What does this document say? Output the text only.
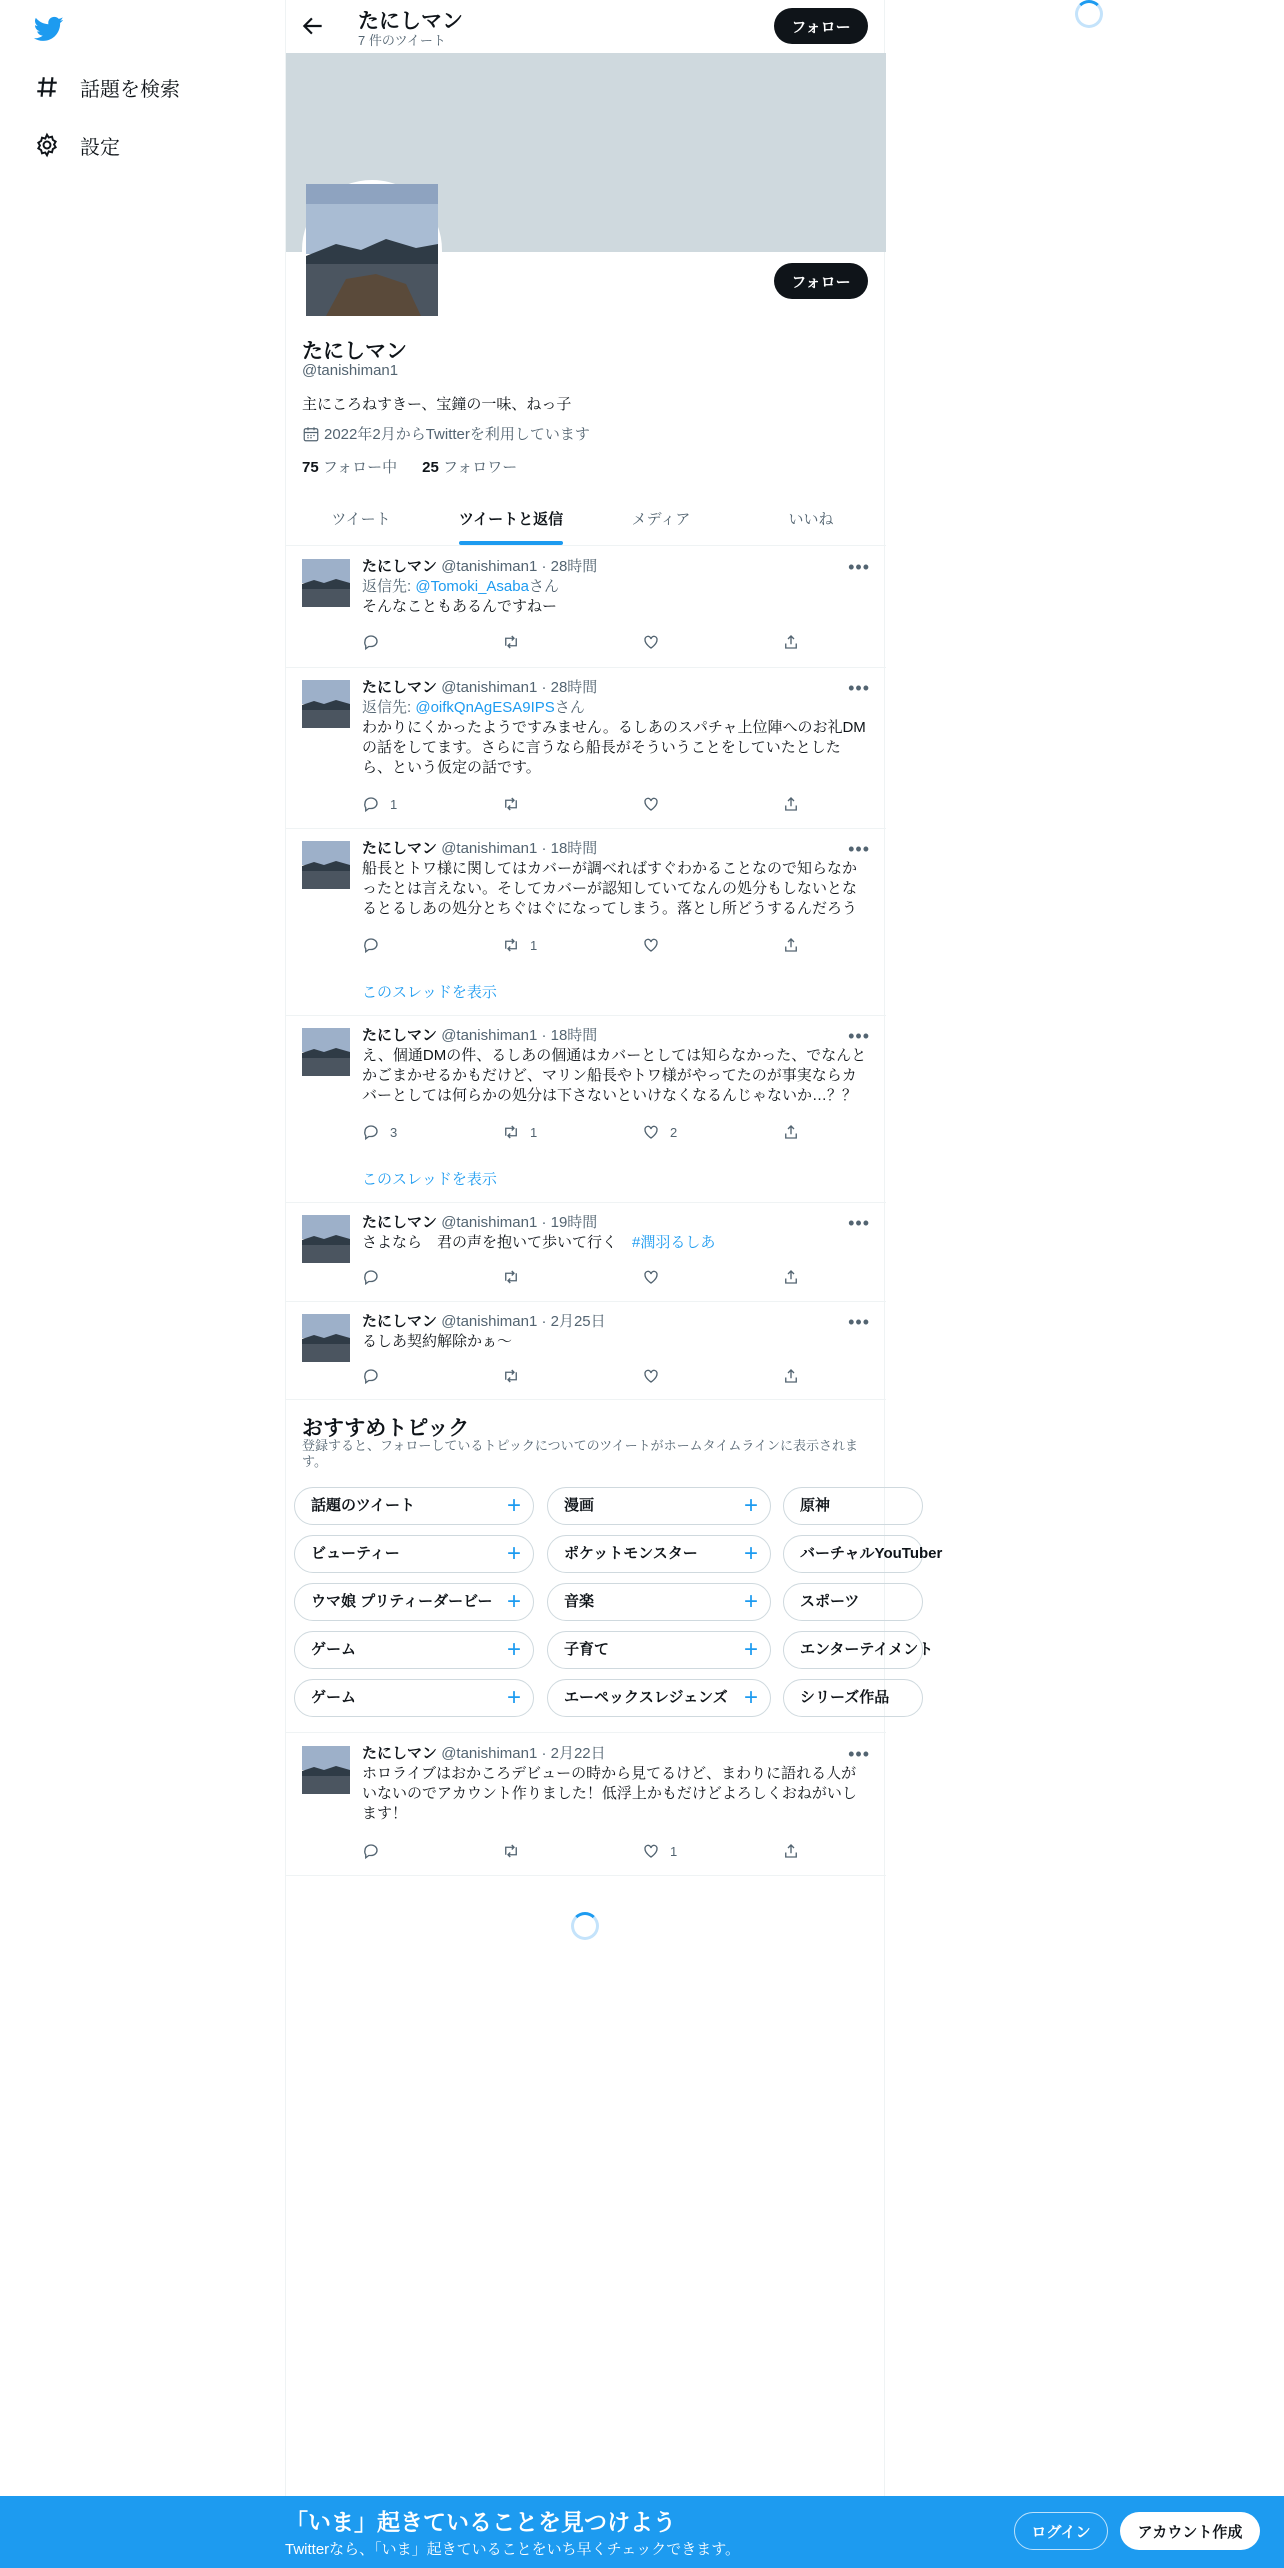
話題を検索
設定
たにしマン
7 件のツイート
フォロー
フォロー
たにしマン
@tanishiman1
主にころねすきー、宝鐘の一味、ねっ子
2022年2月からTwitterを利用しています
75 フォロー中 25 フォロワー
ツイート	ツイートと返信	メディア	いいね
たにしマン @tanishiman1 · 28時間
返信先: @Tomoki_Asabaさん
そんなこともあるんですねー
•••
たにしマン @tanishiman1 · 28時間
返信先: @oifkQnAgESA9IPSさん
わかりにくかったようですみません。るしあのスパチャ上位陣へのお礼DMの話をしてます。さらに言うなら船長がそういうことをしていたとしたら、という仮定の話です。
•••
1
たにしマン @tanishiman1 · 18時間
船長とトワ様に関してはカバーが調べればすぐわかることなので知らなかったとは言えない。そしてカバーが認知していてなんの処分もしないとなるとるしあの処分とちぐはぐになってしまう。落とし所どうするんだろう
•••
1
このスレッドを表示
たにしマン @tanishiman1 · 18時間
え、個通DMの件、るしあの個通はカバーとしては知らなかった、でなんとかごまかせるかもだけど、マリン船長やトワ様がやってたのが事実ならカバーとしては何らかの処分は下さないといけなくなるんじゃないか…？？
•••
3	1	2
このスレッドを表示
たにしマン @tanishiman1 · 19時間
さよなら　君の声を抱いて歩いて行く　#潤羽るしあ
•••
たにしマン @tanishiman1 · 2月25日
るしあ契約解除かぁ〜
•••
おすすめトピック
登録すると、フォローしているトピックについてのツイートがホームタイムラインに表示されます。
話題のツイート	+	漫画	+	原神
ビューティー	+	ポケットモンスター +	バーチャルYouTuber
ウマ娘 プリティーダービー +	音楽	+	スポーツ
ゲーム	+	子育て	+	エンターテイメント
ゲーム	+	エーペックスレジェンズ +	シリーズ作品
たにしマン @tanishiman1 · 2月22日
ホロライブはおかころデビューの時から見てるけど、まわりに語れる人がいないのでアカウント作りました！低浮上かもだけどよろしくおねがいします！
•••
1
「いま」起きていることを見つけよう
Twitterなら、「いま」起きていることをいち早くチェックできます。
ログイン	アカウント作成
